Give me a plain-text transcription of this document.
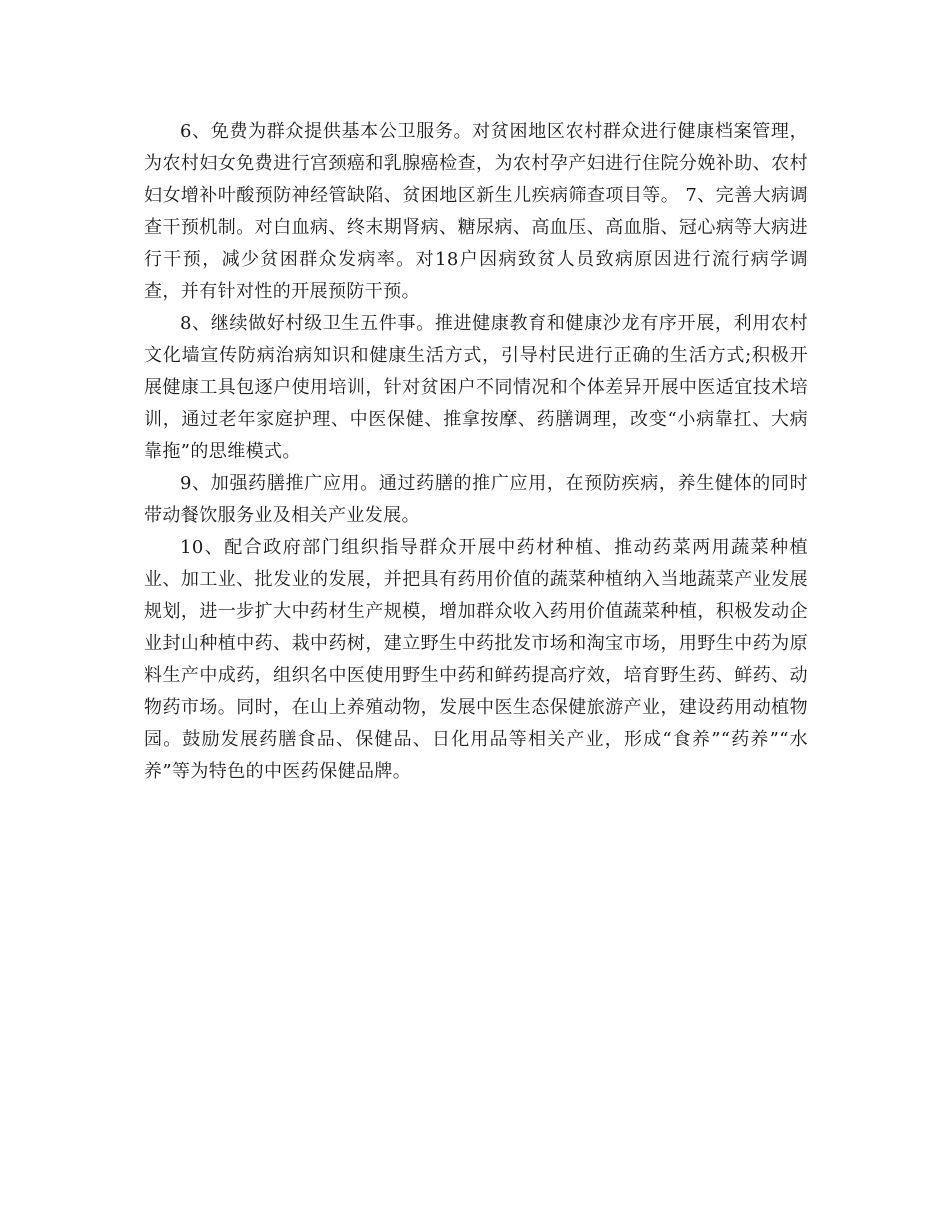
6、免费为群众提供基本公卫服务。对贫困地区农村群众进行健康档案管理，为农村妇女免费进行宫颈癌和乳腺癌检查，为农村孕产妇进行住院分娩补助、农村妇女增补叶酸预防神经管缺陷、贫困地区新生儿疾病筛查项目等。 7、完善大病调查干预机制。对白血病、终末期肾病、糖尿病、高血压、高血脂、冠心病等大病进行干预，减少贫困群众发病率。对18户因病致贫人员致病原因进行流行病学调查，并有针对性的开展预防干预。

8、继续做好村级卫生五件事。推进健康教育和健康沙龙有序开展，利用农村文化墙宣传防病治病知识和健康生活方式，引导村民进行正确的生活方式;积极开展健康工具包逐户使用培训，针对贫困户不同情况和个体差异开展中医适宜技术培训，通过老年家庭护理、中医保健、推拿按摩、药膳调理，改变“小病靠扛、大病靠拖”的思维模式。

9、加强药膳推广应用。通过药膳的推广应用，在预防疾病，养生健体的同时带动餐饮服务业及相关产业发展。

10、配合政府部门组织指导群众开展中药材种植、推动药菜两用蔬菜种植业、加工业、批发业的发展，并把具有药用价值的蔬菜种植纳入当地蔬菜产业发展规划，进一步扩大中药材生产规模，增加群众收入药用价值蔬菜种植，积极发动企业封山种植中药、栽中药树，建立野生中药批发市场和淘宝市场，用野生中药为原料生产中成药，组织名中医使用野生中药和鲜药提高疗效，培育野生药、鲜药、动物药市场。同时，在山上养殖动物，发展中医生态保健旅游产业，建设药用动植物园。鼓励发展药膳食品、保健品、日化用品等相关产业，形成“食养”“药养”“水养”等为特色的中医药保健品牌。
